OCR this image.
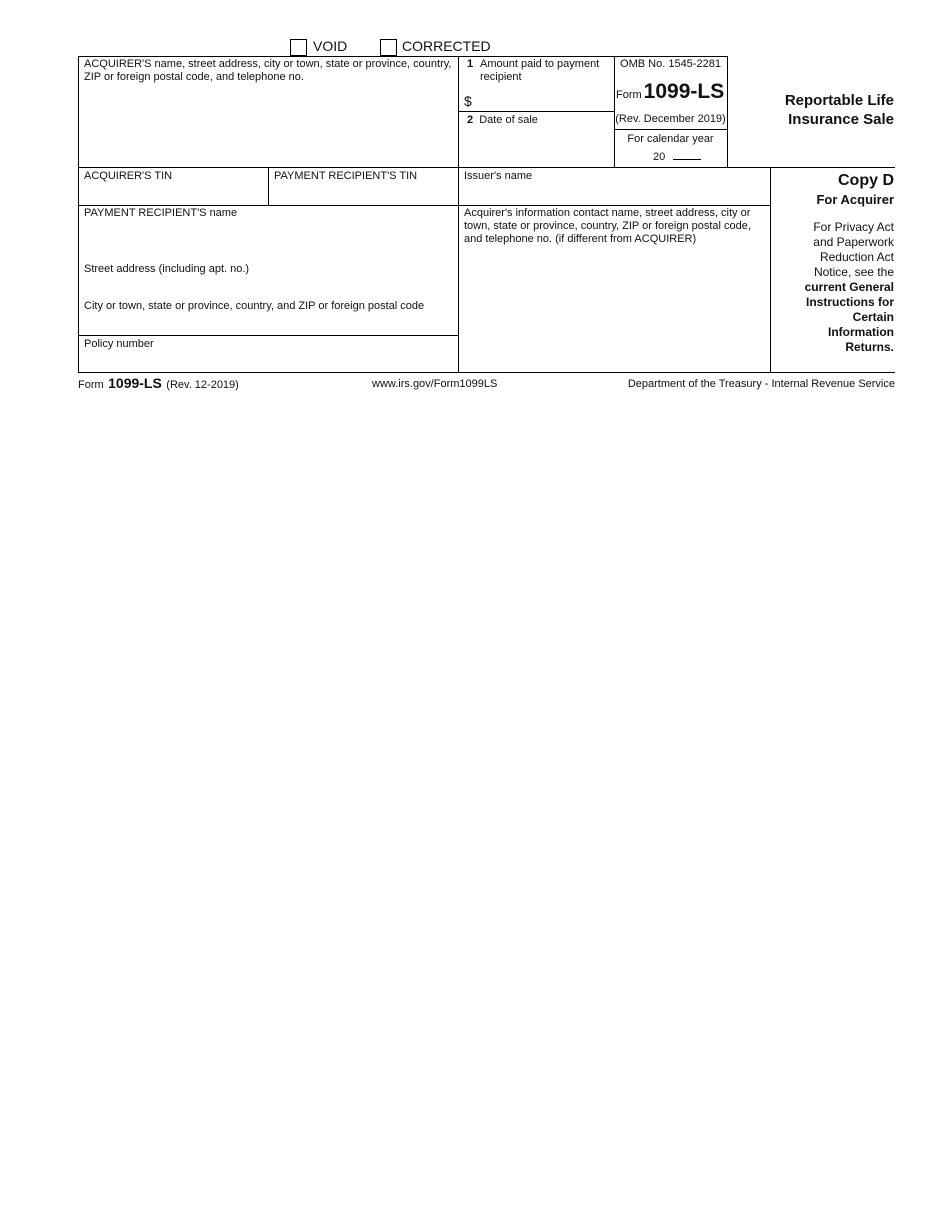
VOID	CORRECTED
ACQUIRER'S name, street address, city or town, state or province, country, ZIP or foreign postal code, and telephone no.
1 Amount paid to payment recipient
$
2 Date of sale
OMB No. 1545-2281
Form1099-LS
(Rev. December 2019)
For calendar year
20
Reportable Life
Insurance Sale
ACQUIRER'S TIN	PAYMENT RECIPIENT'S TIN	Issuer's name	Copy D
For Acquirer
PAYMENT RECIPIENT'S name
Street address (including apt. no.)
City or town, state or province, country, and ZIP or foreign postal code
Acquirer's information contact name, street address, city or town, state or province, country, ZIP or foreign postal code, and telephone no. (if different from ACQUIRER)
For Privacy Act
and Paperwork
Reduction Act
Notice, see the
current General
Instructions for
Certain
Information
Returns.
Policy number
Form 1099-LS (Rev. 12-2019)	www.irs.gov/Form1099LS	Department of the Treasury - Internal Revenue Service
